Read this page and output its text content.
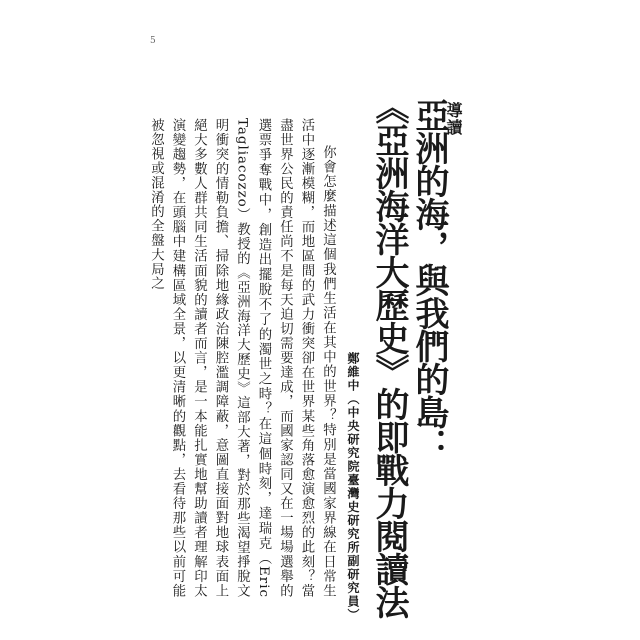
5
導讀
亞洲的海，與我們的島：
《亞洲海洋大歷史》的即戰力閱讀法
鄭維中（中央研究院臺灣史研究所副研究員）

你會怎麼描述這個我們生活在其中的世界？特別是當國家界線在日常生活中逐漸模糊，而地區間的武力衝突卻在世界某些角落愈演愈烈的此刻？當盡世界公民的責任尚不是每天迫切需要達成，而國家認同又在一場場選舉的選票爭奪戰中，創造出擺脫不了的濁世之時？在這個時刻，達瑞克（Eric Tagliacozzo）教授的《亞洲海洋大歷史》這部大著，對於那些渴望掙脫文明衝突的情勒負擔、掃除地緣政治陳腔濫調障蔽，意圖直接面對地球表面上絕大多數人群共同生活面貌的讀者而言，是一本能扎實地幫助讀者理解印太演變趨勢，在頭腦中建構區域全景，以更清晰的觀點，去看待那些以前可能被忽視或混淆的全盤大局之
